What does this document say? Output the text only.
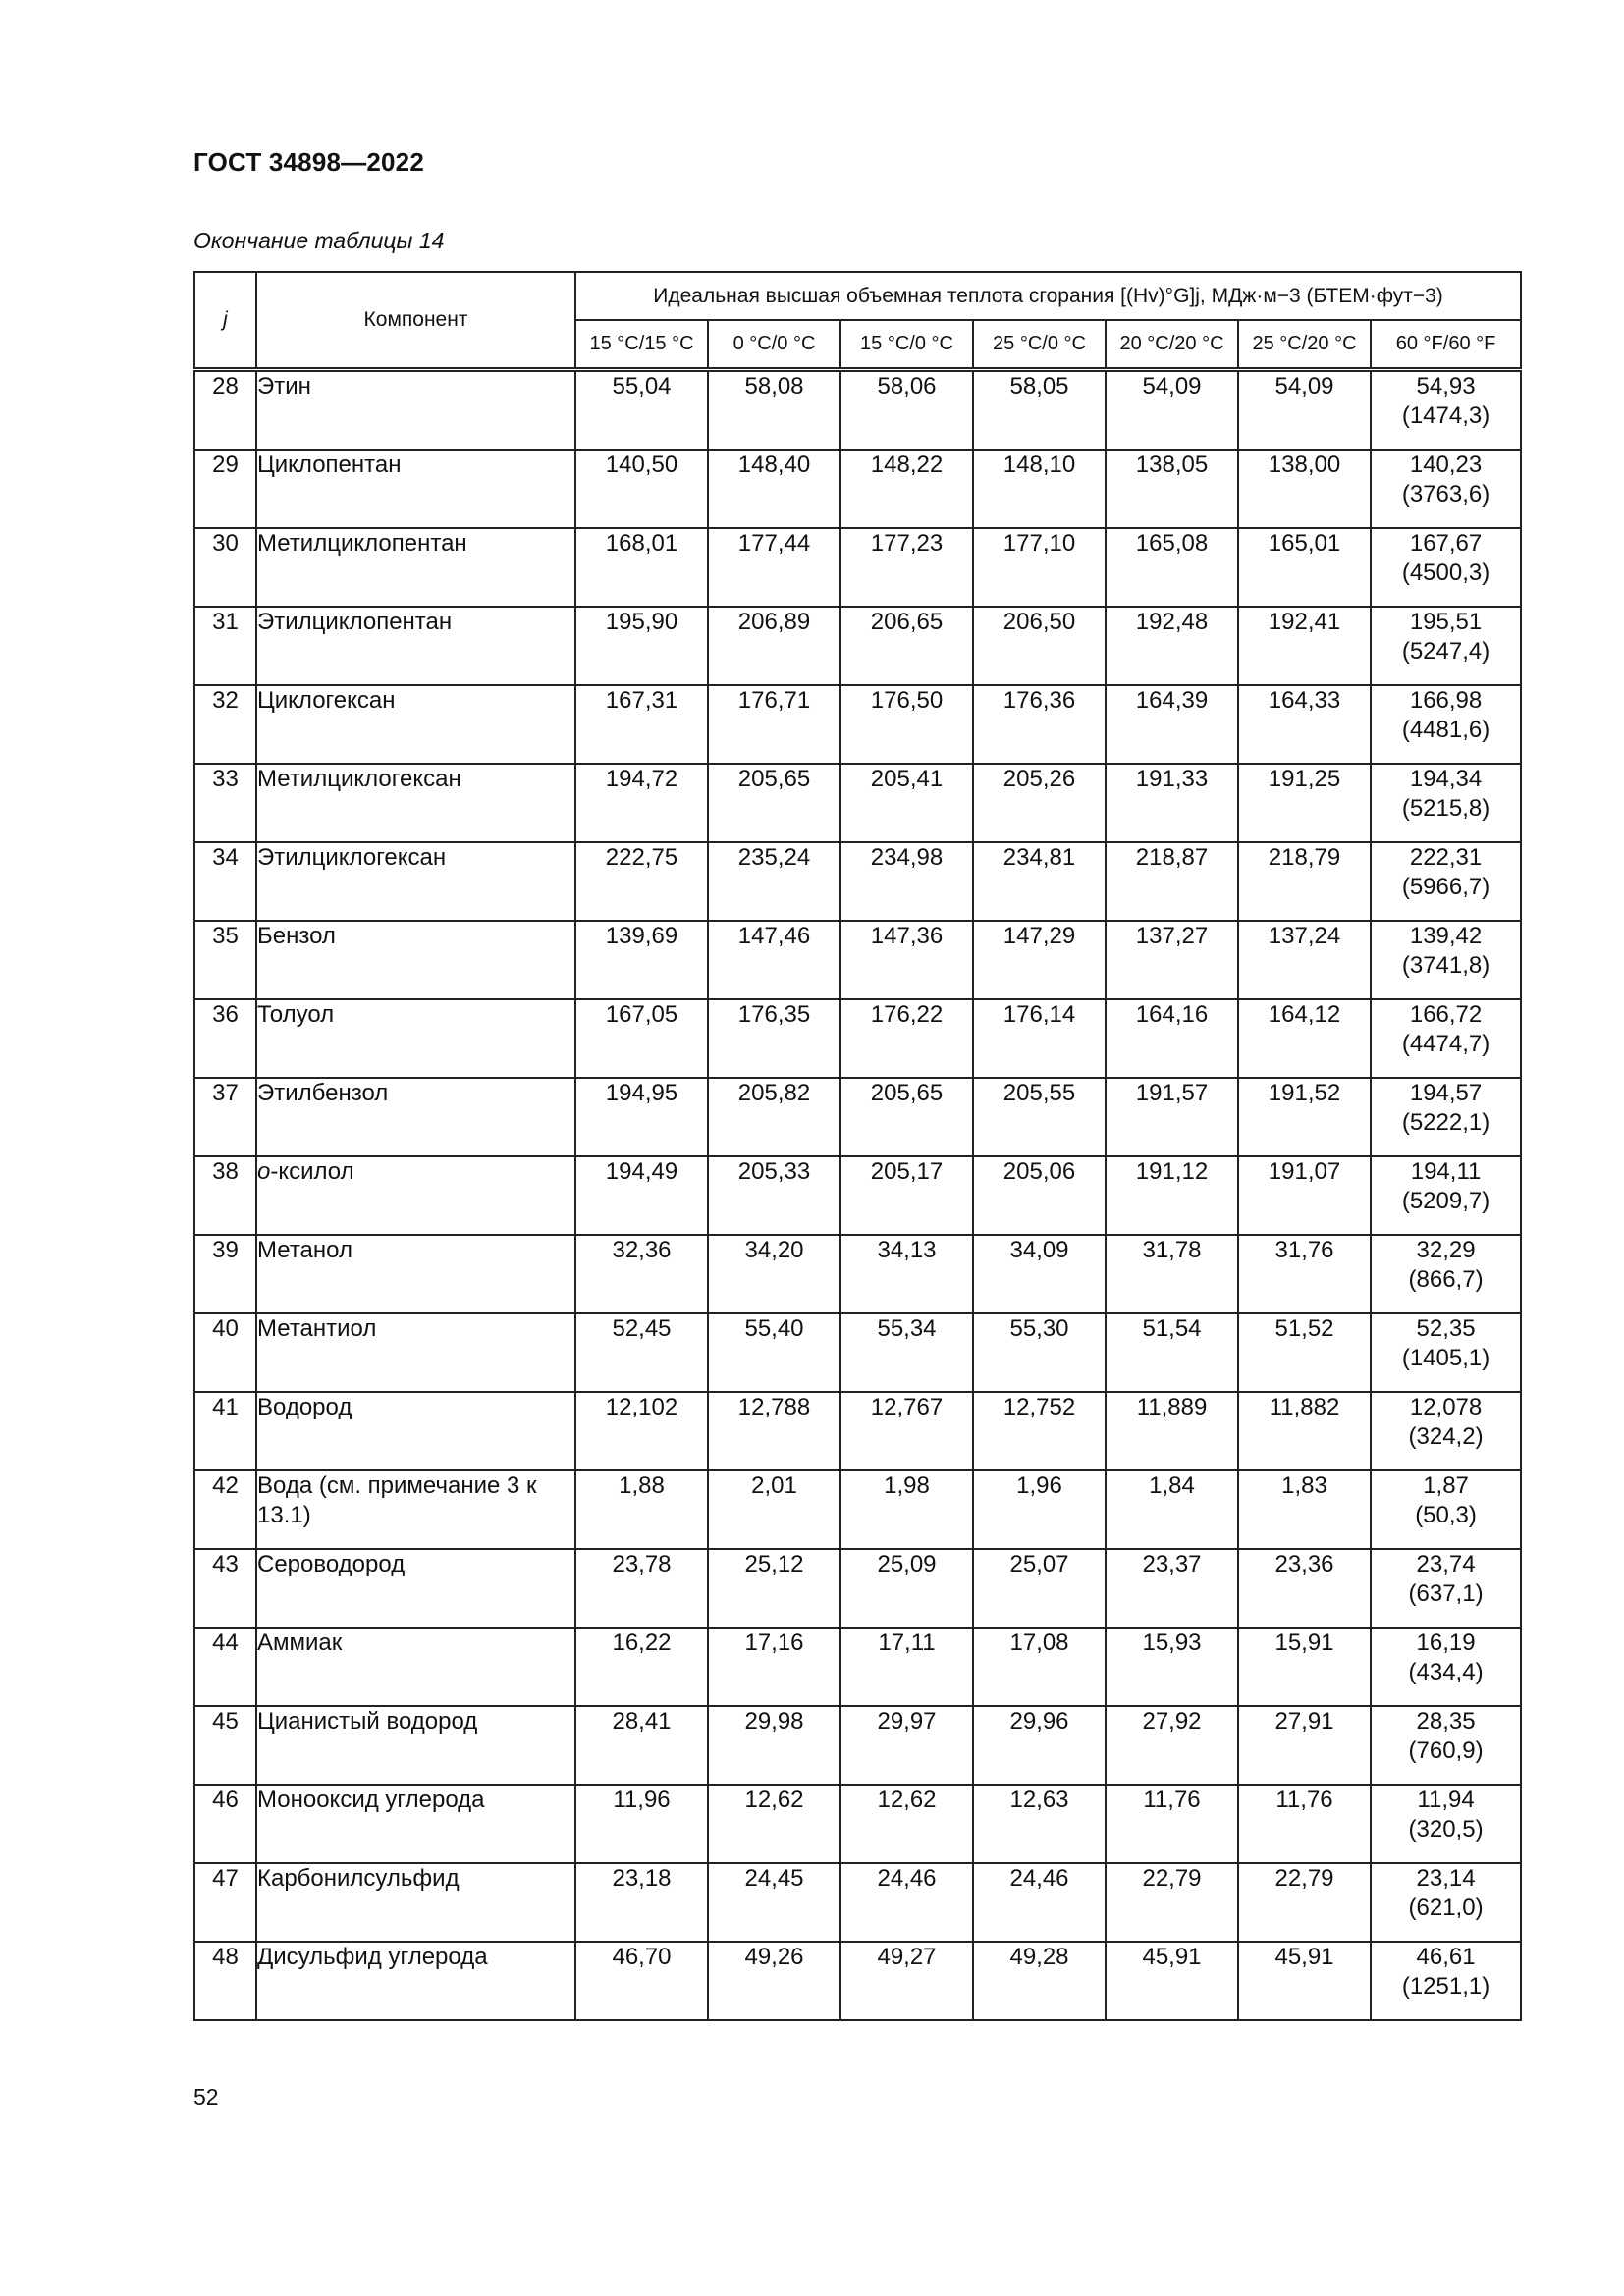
ГОСТ 34898—2022
Окончание таблицы 14
j	Компонент	Идеальная высшая объемная теплота сгорания [(Hv)°G]j, МДж·м−3 (БТЕM·фут−3)						
		15 °C/15 °C	0 °C/0 °C	15 °C/0 °C	25 °C/0 °C	20 °C/20 °C	25 °C/20 °C	60 °F/60 °F
28	Этин	55,04	58,08	58,06	58,05	54,09	54,09	54,93
(1474,3)

29	Циклопентан	140,50	148,40	148,22	148,10	138,05	138,00	140,23
(3763,6)

30	Метилциклопентан	168,01	177,44	177,23	177,10	165,08	165,01	167,67
(4500,3)

31	Этилциклопентан	195,90	206,89	206,65	206,50	192,48	192,41	195,51
(5247,4)

32	Циклогексан	167,31	176,71	176,50	176,36	164,39	164,33	166,98
(4481,6)

33	Метилциклогексан	194,72	205,65	205,41	205,26	191,33	191,25	194,34
(5215,8)

34	Этилциклогексан	222,75	235,24	234,98	234,81	218,87	218,79	222,31
(5966,7)

35	Бензол	139,69	147,46	147,36	147,29	137,27	137,24	139,42
(3741,8)

36	Толуол	167,05	176,35	176,22	176,14	164,16	164,12	166,72
(4474,7)

37	Этилбензол	194,95	205,82	205,65	205,55	191,57	191,52	194,57
(5222,1)

38	о-ксилол	194,49	205,33	205,17	205,06	191,12	191,07	194,11
(5209,7)

39	Метанол	32,36	34,20	34,13	34,09	31,78	31,76	32,29
(866,7)

40	Метантиол	52,45	55,40	55,34	55,30	51,54	51,52	52,35
(1405,1)

41	Водород	12,102	12,788	12,767	12,752	11,889	11,882	12,078
(324,2)

42	Вода (см. примечание 3 к 13.1)	1,88	2,01	1,98	1,96	1,84	1,83	1,87
(50,3)

43	Сероводород	23,78	25,12	25,09	25,07	23,37	23,36	23,74
(637,1)

44	Аммиак	16,22	17,16	17,11	17,08	15,93	15,91	16,19
(434,4)

45	Цианистый водород	28,41	29,98	29,97	29,96	27,92	27,91	28,35
(760,9)

46	Монооксид углерода	11,96	12,62	12,62	12,63	11,76	11,76	11,94
(320,5)

47	Карбонилсульфид	23,18	24,45	24,46	24,46	22,79	22,79	23,14
(621,0)

48	Дисульфид углерода	46,70	49,26	49,27	49,28	45,91	45,91	46,61
(1251,1)
52
